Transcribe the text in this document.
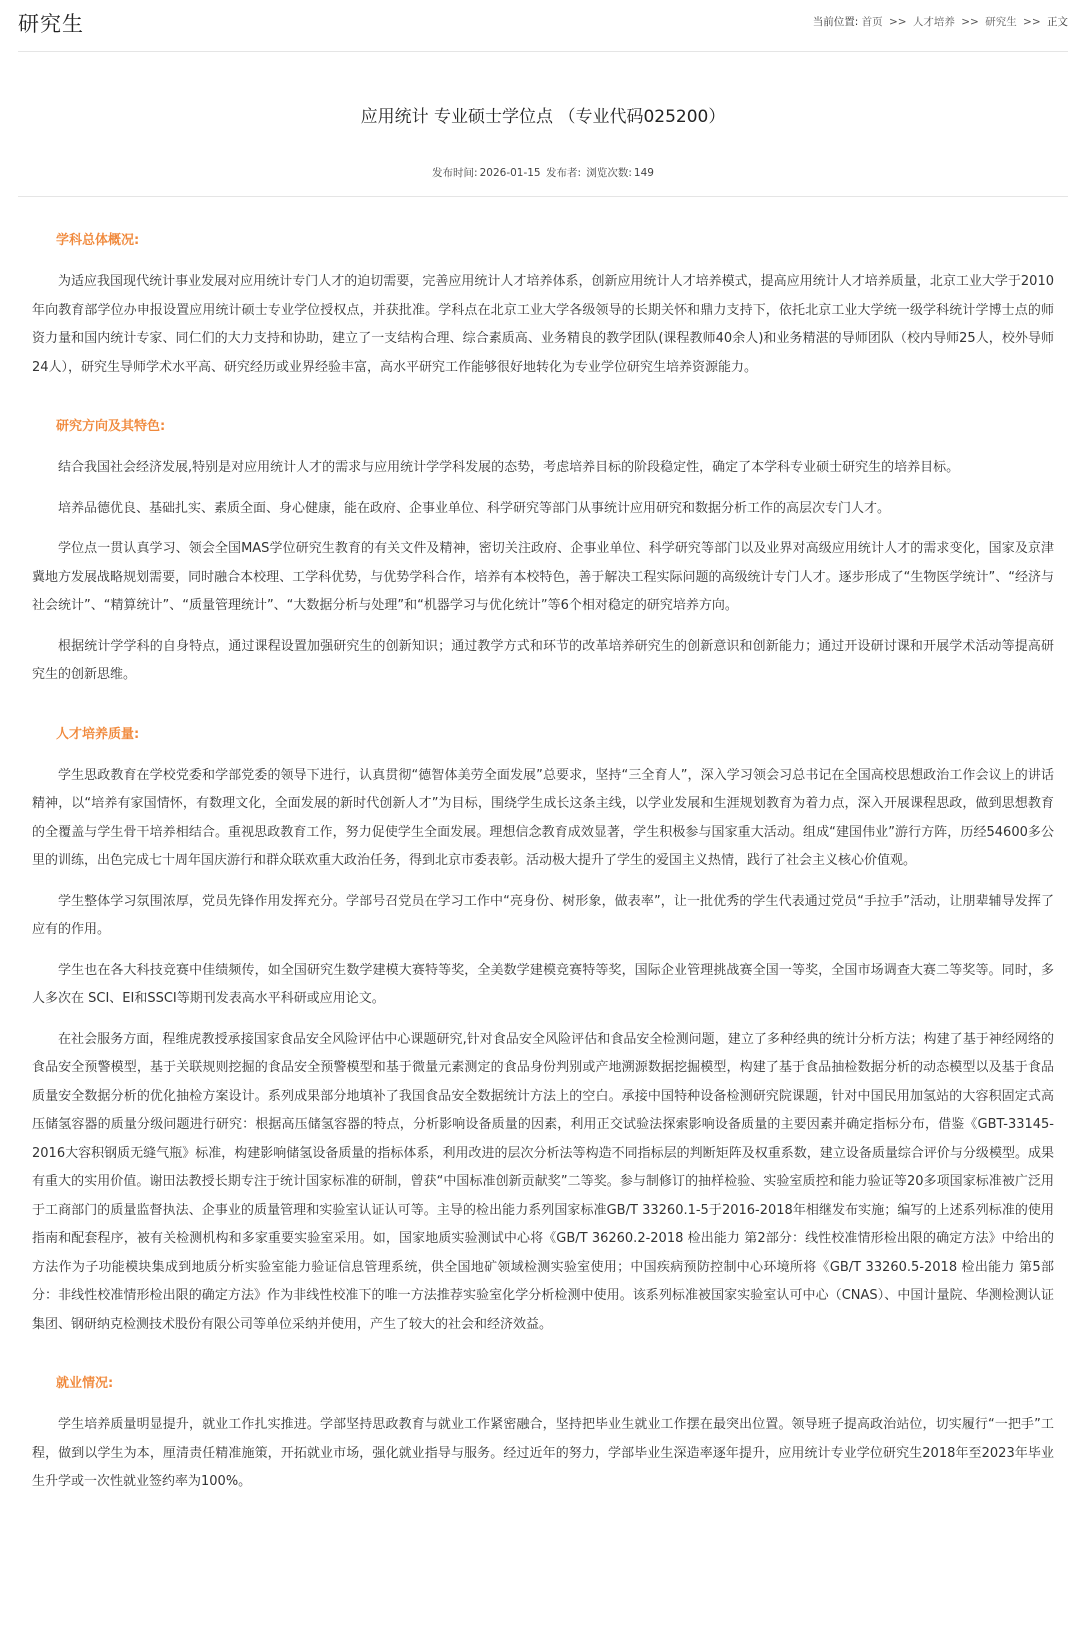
研究生	当前位置: 首页 >> 人才培养 >> 研究生 >> 正文
应用统计 专业硕士学位点 （专业代码025200）
发布时间: 2026-01-15 发布者: 浏览次数: 149
学科总体概况:

为适应我国现代统计事业发展对应用统计专门人才的迫切需要，完善应用统计人才培养体系，创新应用统计人才培养模式，提高应用统计人才培养质量，北京工业大学于2010年向教育部学位办申报设置应用统计硕士专业学位授权点，并获批准。学科点在北京工业大学各级领导的长期关怀和鼎力支持下，依托北京工业大学统一级学科统计学博士点的师资力量和国内统计专家、同仁们的大力支持和协助，建立了一支结构合理、综合素质高、业务精良的教学团队(课程教师40余人)和业务精湛的导师团队（校内导师25人，校外导师24人），研究生导师学术水平高、研究经历或业界经验丰富，高水平研究工作能够很好地转化为专业学位研究生培养资源能力。

研究方向及其特色:

结合我国社会经济发展,特别是对应用统计人才的需求与应用统计学学科发展的态势，考虑培养目标的阶段稳定性，确定了本学科专业硕士研究生的培养目标。

培养品德优良、基础扎实、素质全面、身心健康，能在政府、企事业单位、科学研究等部门从事统计应用研究和数据分析工作的高层次专门人才。

学位点一贯认真学习、领会全国MAS学位研究生教育的有关文件及精神，密切关注政府、企事业单位、科学研究等部门以及业界对高级应用统计人才的需求变化，国家及京津冀地方发展战略规划需要，同时融合本校理、工学科优势，与优势学科合作，培养有本校特色，善于解决工程实际问题的高级统计专门人才。逐步形成了“生物医学统计”、“经济与社会统计”、“精算统计”、“质量管理统计”、“大数据分析与处理”和“机器学习与优化统计”等6个相对稳定的研究培养方向。

根据统计学学科的自身特点，通过课程设置加强研究生的创新知识；通过教学方式和环节的改革培养研究生的创新意识和创新能力；通过开设研讨课和开展学术活动等提高研究生的创新思维。

人才培养质量:

学生思政教育在学校党委和学部党委的领导下进行，认真贯彻“德智体美劳全面发展”总要求，坚持“三全育人”，深入学习领会习总书记在全国高校思想政治工作会议上的讲话精神，以“培养有家国情怀，有数理文化，全面发展的新时代创新人才”为目标，围绕学生成长这条主线，以学业发展和生涯规划教育为着力点，深入开展课程思政，做到思想教育的全覆盖与学生骨干培养相结合。重视思政教育工作，努力促使学生全面发展。理想信念教育成效显著，学生积极参与国家重大活动。组成“建国伟业”游行方阵，历经54600多公里的训练，出色完成七十周年国庆游行和群众联欢重大政治任务，得到北京市委表彰。活动极大提升了学生的爱国主义热情，践行了社会主义核心价值观。

学生整体学习氛围浓厚，党员先锋作用发挥充分。学部号召党员在学习工作中“亮身份、树形象，做表率”，让一批优秀的学生代表通过党员“手拉手”活动，让朋辈辅导发挥了应有的作用。

学生也在各大科技竞赛中佳绩频传，如全国研究生数学建模大赛特等奖，全美数学建模竞赛特等奖，国际企业管理挑战赛全国一等奖，全国市场调查大赛二等奖等。同时，多人多次在 SCI、EI和SSCI等期刊发表高水平科研或应用论文。

在社会服务方面，程维虎教授承接国家食品安全风险评估中心课题研究,针对食品安全风险评估和食品安全检测问题，建立了多种经典的统计分析方法；构建了基于神经网络的食品安全预警模型，基于关联规则挖掘的食品安全预警模型和基于微量元素测定的食品身份判别或产地溯源数据挖掘模型，构建了基于食品抽检数据分析的动态模型以及基于食品质量安全数据分析的优化抽检方案设计。系列成果部分地填补了我国食品安全数据统计方法上的空白。承接中国特种设备检测研究院课题，针对中国民用加氢站的大容积固定式高压储氢容器的质量分级问题进行研究：根据高压储氢容器的特点，分析影响设备质量的因素，利用正交试验法探索影响设备质量的主要因素并确定指标分布，借鉴《GBT-33145-2016大容积钢质无缝气瓶》标准，构建影响储氢设备质量的指标体系，利用改进的层次分析法等构造不同指标层的判断矩阵及权重系数，建立设备质量综合评价与分级模型。成果有重大的实用价值。谢田法教授长期专注于统计国家标准的研制，曾获“中国标准创新贡献奖”二等奖。参与制修订的抽样检验、实验室质控和能力验证等20多项国家标准被广泛用于工商部门的质量监督执法、企事业的质量管理和实验室认证认可等。主导的检出能力系列国家标准GB/T 33260.1-5于2016-2018年相继发布实施；编写的上述系列标准的使用指南和配套程序，被有关检测机构和多家重要实验室采用。如，国家地质实验测试中心将《GB/T 36260.2-2018 检出能力 第2部分：线性校准情形检出限的确定方法》中给出的方法作为子功能模块集成到地质分析实验室能力验证信息管理系统，供全国地矿领域检测实验室使用；中国疾病预防控制中心环境所将《GB/T 33260.5-2018 检出能力 第5部分：非线性校准情形检出限的确定方法》作为非线性校准下的唯一方法推荐实验室化学分析检测中使用。该系列标准被国家实验室认可中心（CNAS）、中国计量院、华测检测认证集团、钢研纳克检测技术股份有限公司等单位采纳并使用，产生了较大的社会和经济效益。

就业情况:

学生培养质量明显提升，就业工作扎实推进。学部坚持思政教育与就业工作紧密融合，坚持把毕业生就业工作摆在最突出位置。领导班子提高政治站位，切实履行“一把手”工程，做到以学生为本，厘清责任精准施策，开拓就业市场，强化就业指导与服务。经过近年的努力，学部毕业生深造率逐年提升，应用统计专业学位研究生2018年至2023年毕业生升学或一次性就业签约率为100%。
